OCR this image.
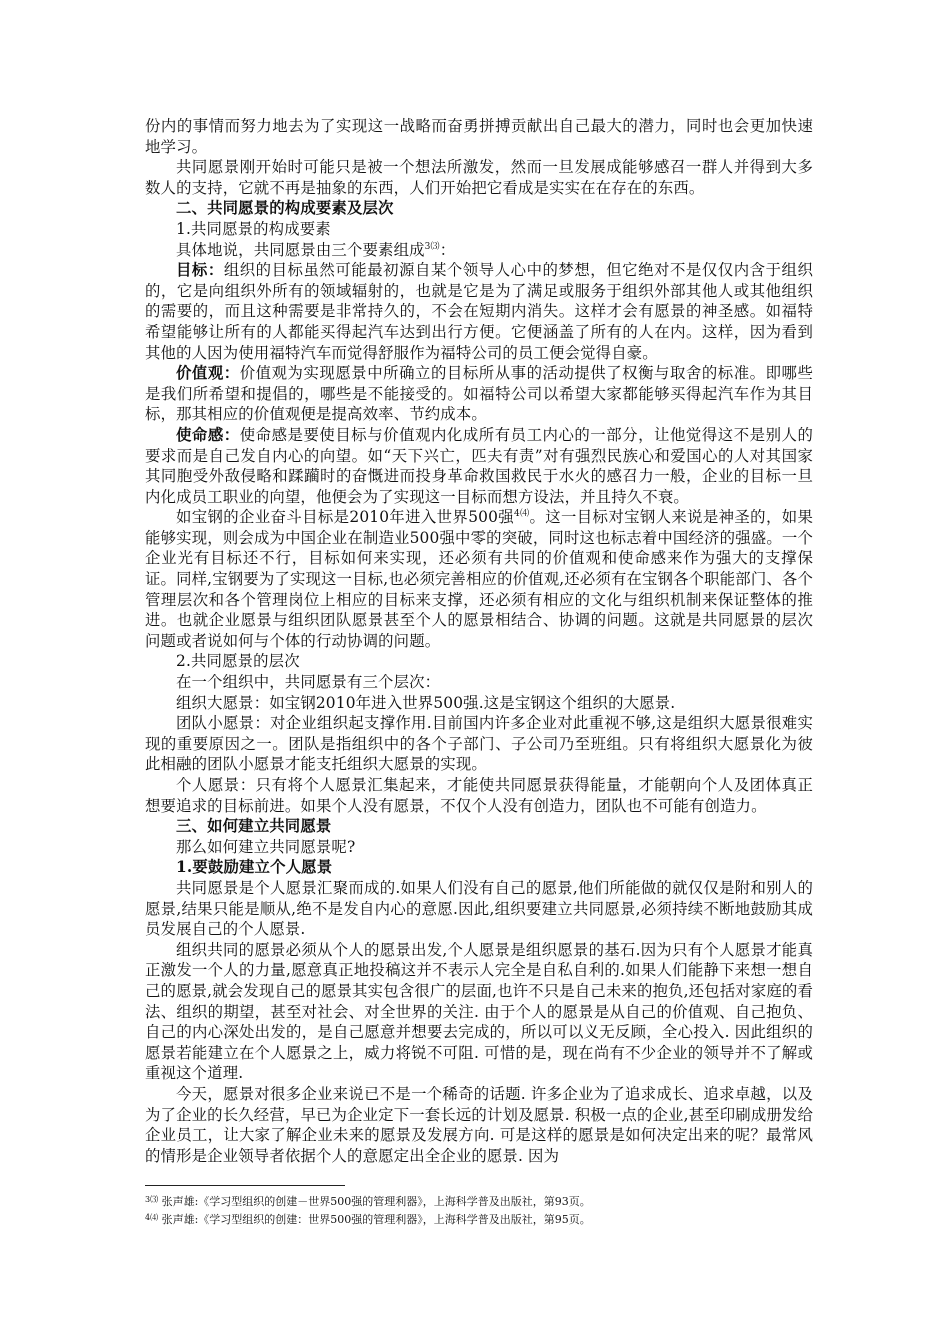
份内的事情而努力地去为了实现这一战略而奋勇拼搏贡献出自己最大的潜力，同时也会更加快速地学习。

共同愿景刚开始时可能只是被一个想法所激发，然而一旦发展成能够感召一群人并得到大多数人的支持，它就不再是抽象的东西，人们开始把它看成是实实在在存在的东西。

二、共同愿景的构成要素及层次

1.共同愿景的构成要素

具体地说，共同愿景由三个要素组成$^{3⑶}$：

目标：组织的目标虽然可能最初源自某个领导人心中的梦想，但它绝对不是仅仅内含于组织的，它是向组织外所有的领域辐射的，也就是它是为了满足或服务于组织外部其他人或其他组织的需要的，而且这种需要是非常持久的，不会在短期内消失。这样才会有愿景的神圣感。如福特希望能够让所有的人都能买得起汽车达到出行方便。它便涵盖了所有的人在内。这样，因为看到其他的人因为使用福特汽车而觉得舒服作为福特公司的员工便会觉得自豪。

价值观：价值观为实现愿景中所确立的目标所从事的活动提供了权衡与取舍的标准。即哪些是我们所希望和提倡的，哪些是不能接受的。如福特公司以希望大家都能够买得起汽车作为其目标，那其相应的价值观便是提高效率、节约成本。

使命感：使命感是要使目标与价值观内化成所有员工内心的一部分，让他觉得这不是别人的要求而是自己发自内心的向望。如“天下兴亡，匹夫有责”对有强烈民族心和爱国心的人对其国家其同胞受外敌侵略和蹂躏时的奋慨进而投身革命救国救民于水火的感召力一般，企业的目标一旦内化成员工职业的向望，他便会为了实现这一目标而想方设法，并且持久不衰。

如宝钢的企业奋斗目标是2010年进入世界500强$^{4⑷}$。这一目标对宝钢人来说是神圣的，如果能够实现，则会成为中国企业在制造业500强中零的突破，同时这也标志着中国经济的强盛。一个企业光有目标还不行，目标如何来实现，还必须有共同的价值观和使命感来作为强大的支撑保证。同样,宝钢要为了实现这一目标,也必须完善相应的价值观,还必须有在宝钢各个职能部门、各个管理层次和各个管理岗位上相应的目标来支撑，还必须有相应的文化与组织机制来保证整体的推进。也就企业愿景与组织团队愿景甚至个人的愿景相结合、协调的问题。这就是共同愿景的层次问题或者说如何与个体的行动协调的问题。

2.共同愿景的层次

在一个组织中，共同愿景有三个层次：

组织大愿景：如宝钢2010年进入世界500强.这是宝钢这个组织的大愿景.

团队小愿景：对企业组织起支撑作用.目前国内许多企业对此重视不够,这是组织大愿景很难实现的重要原因之一。团队是指组织中的各个子部门、子公司乃至班组。只有将组织大愿景化为彼此相融的团队小愿景才能支托组织大愿景的实现。

个人愿景：只有将个人愿景汇集起来，才能使共同愿景获得能量，才能朝向个人及团体真正想要追求的目标前进。如果个人没有愿景，不仅个人没有创造力，团队也不可能有创造力。

三、如何建立共同愿景

那么如何建立共同愿景呢?

1.要鼓励建立个人愿景

共同愿景是个人愿景汇聚而成的.如果人们没有自己的愿景,他们所能做的就仅仅是附和别人的愿景,结果只能是顺从,绝不是发自内心的意愿.因此,组织要建立共同愿景,必须持续不断地鼓励其成员发展自己的个人愿景.

组织共同的愿景必须从个人的愿景出发,个人愿景是组织愿景的基石.因为只有个人愿景才能真正激发一个人的力量,愿意真正地投稿这并不表示人完全是自私自利的.如果人们能静下来想一想自己的愿景,就会发现自己的愿景其实包含很广的层面,也许不只是自己未来的抱负,还包括对家庭的看法、组织的期望，甚至对社会、对全世界的关注. 由于个人的愿景是从自己的价值观、自己抱负、自己的内心深处出发的，是自己愿意并想要去完成的，所以可以义无反顾，全心投入. 因此组织的愿景若能建立在个人愿景之上，威力将锐不可阻. 可惜的是，现在尚有不少企业的领导并不了解或重视这个道理.

今天，愿景对很多企业来说已不是一个稀奇的话题. 许多企业为了追求成长、追求卓越，以及为了企业的长久经营，早已为企业定下一套长远的计划及愿景. 积极一点的企业,甚至印刷成册发给企业员工，让大家了解企业未来的愿景及发展方向. 可是这样的愿景是如何决定出来的呢？最常风的情形是企业领导者依据个人的意愿定出全企业的愿景. 因为

$^{3⑶}$ 张声雄:《学习型组织的创建－世界500强的管理利器》，上海科学普及出版社，第93页。

$^{4⑷}$ 张声雄:《学习型组织的创建：世界500强的管理利器》，上海科学普及出版社，第95页。
